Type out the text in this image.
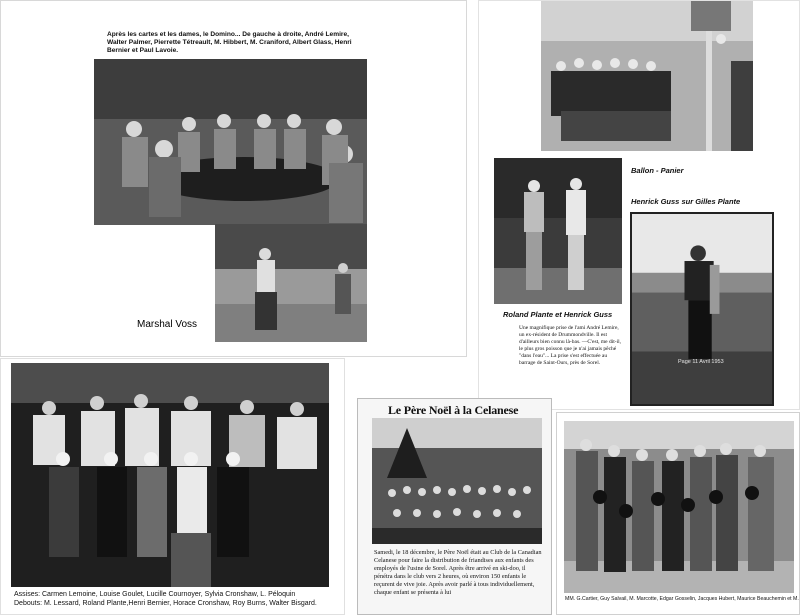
Après les cartes et les dames, le Domino... De gauche à droite, André Lemire, Walter Palmer, Pierrette Tétreault, M. Hibbert, M. Craniford, Albert Glass, Henri Bernier et Paul Lavoie.
Marshal Voss
Roland Plante et Henrick Guss
Ballon - Panier
Henrick Guss sur Gilles Plante
Page 11 Avril 1953
Une magnifique prise de l'ami André Lemire, un ex-résident de Drummondville. Il est d'ailleurs bien connu là-bas. —C'est, me dit-il, le plus gros poisson que je n'ai jamais pêché "dans l'eau"... La prise s'est effectuée au barrage de Saint-Ours, près de Sorel.
Assises: Carmen Lemoine, Louise Goulet, Lucille Cournoyer, Sylvia Cronshaw, L. Péloquin
Debouts: M. Lessard, Roland Plante,Henri Bernier, Horace Cronshaw, Roy Burns, Walter Bisgard.
Le Père Noël à la Celanese
Samedi, le 18 décembre, le Père Noël était au Club de la Canadian Celanese pour faire la distribution de friandises aux enfants des employés de l'usine de Sorel. Après être arrivé en ski-doo, il pénétra dans le club vers 2 heures, où environ 150 enfants le reçurent de vive joie. Après avoir parlé à tous individuellement, chaque enfant se présenta à lui
MM. G.Cartier, Guy Salvail, M. Marcotte, Edgar Gosselin, Jacques Hubert, Maurice Beauchemin et M.
